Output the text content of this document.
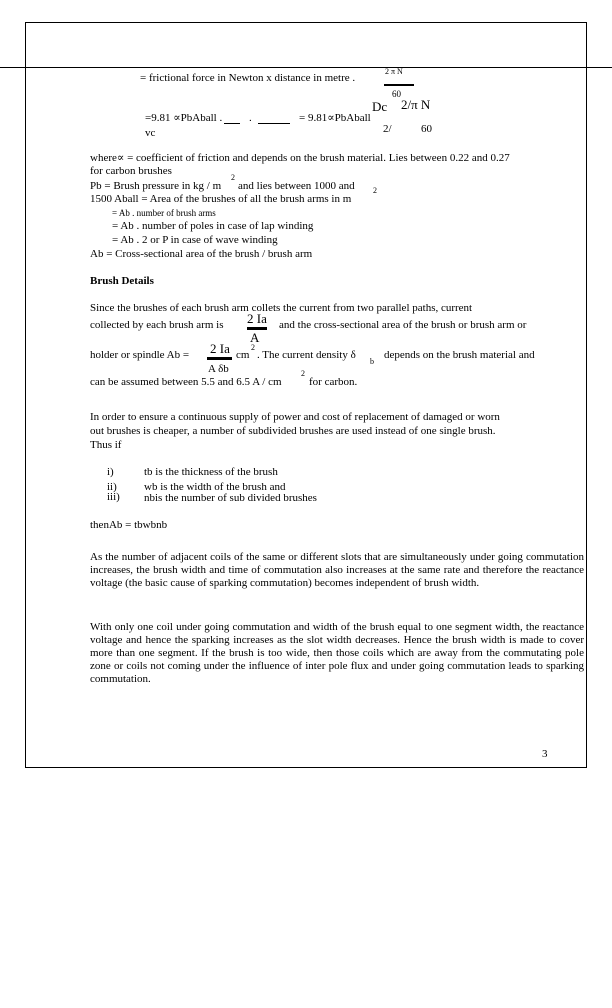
= frictional force in Newton x distance in metre .
2 π N
60
=9.81 ∝PbAball . .	= 9.81∝PbAball
vc
Dc 2/π N
2/	60
where∝ = coefficient of friction and depends on the brush material. Lies between 0.22 and 0.27
for carbon brushes
Pb = Brush pressure in kg / m
2
and lies between 1000 and
1500 Aball = Area of the brushes of all the brush arms in m
2
= Ab . number of brush arms
= Ab . number of poles in case of lap winding
= Ab . 2 or P in case of wave winding
Ab = Cross-sectional area of the brush / brush arm
Brush Details
Since the brushes of each brush arm collets the current from two parallel paths, current
collected by each brush arm is 2 Ia
A
and the cross-sectional area of the brush or brush arm or
holder or spindle Ab = 2 Ia
A δb
cm
2
. The current density δ
b
depends on the brush material and
can be assumed between 5.5 and 6.5 A / cm
2
for carbon.
In order to ensure a continuous supply of power and cost of replacement of damaged or worn
out brushes is cheaper, a number of subdivided brushes are used instead of one single brush.
Thus if
i)	tb is the thickness of the brush
ii) wb is the width of the brush and
iii) nbis the number of sub divided brushes
thenAb = tbwbnb

As the number of adjacent coils of the same or different slots that are simultaneously under going commutation increases, the brush width and time of commutation also increases at the same rate and therefore the reactance voltage (the basic cause of sparking commutation) becomes independent of brush width.

With only one coil under going commutation and width of the brush equal to one segment width, the reactance voltage and hence the sparking increases as the slot width decreases. Hence the brush width is made to cover more than one segment. If the brush is too wide, then those coils which are away from the commutating pole zone or coils not coming under the influence of inter pole flux and under going commutation leads to sparking commutation.

3
